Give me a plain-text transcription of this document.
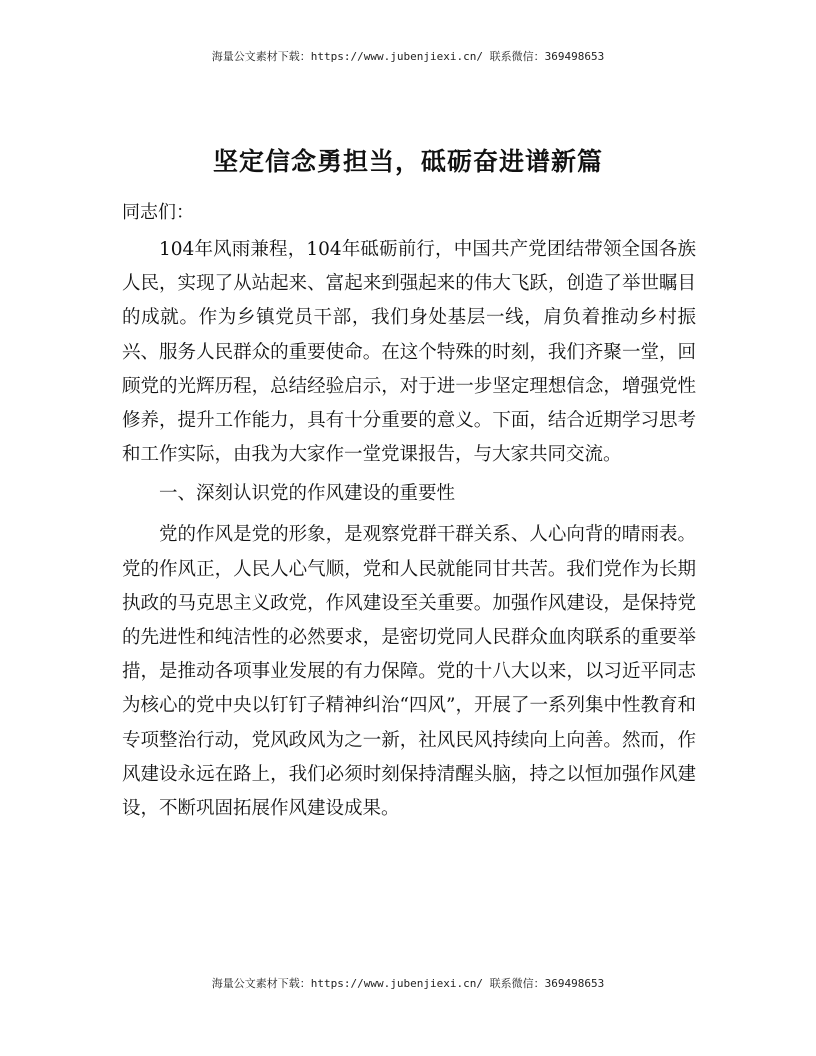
海量公文素材下载：https://www.jubenjiexi.cn/ 联系微信：369498653
坚定信念勇担当，砥砺奋进谱新篇

同志们：

104年风雨兼程，104年砥砺前行，中国共产党团结带领全国各族人民，实现了从站起来、富起来到强起来的伟大飞跃，创造了举世瞩目的成就。作为乡镇党员干部，我们身处基层一线，肩负着推动乡村振兴、服务人民群众的重要使命。在这个特殊的时刻，我们齐聚一堂，回顾党的光辉历程，总结经验启示，对于进一步坚定理想信念，增强党性修养，提升工作能力，具有十分重要的意义。下面，结合近期学习思考和工作实际，由我为大家作一堂党课报告，与大家共同交流。

一、深刻认识党的作风建设的重要性

党的作风是党的形象，是观察党群干群关系、人心向背的晴雨表。党的作风正，人民人心气顺，党和人民就能同甘共苦。我们党作为长期执政的马克思主义政党，作风建设至关重要。加强作风建设，是保持党的先进性和纯洁性的必然要求，是密切党同人民群众血肉联系的重要举措，是推动各项事业发展的有力保障。党的十八大以来，以习近平同志为核心的党中央以钉钉子精神纠治“四风”，开展了一系列集中性教育和专项整治行动，党风政风为之一新，社风民风持续向上向善。然而，作风建设永远在路上，我们必须时刻保持清醒头脑，持之以恒加强作风建设，不断巩固拓展作风建设成果。

海量公文素材下载：https://www.jubenjiexi.cn/ 联系微信：369498653
